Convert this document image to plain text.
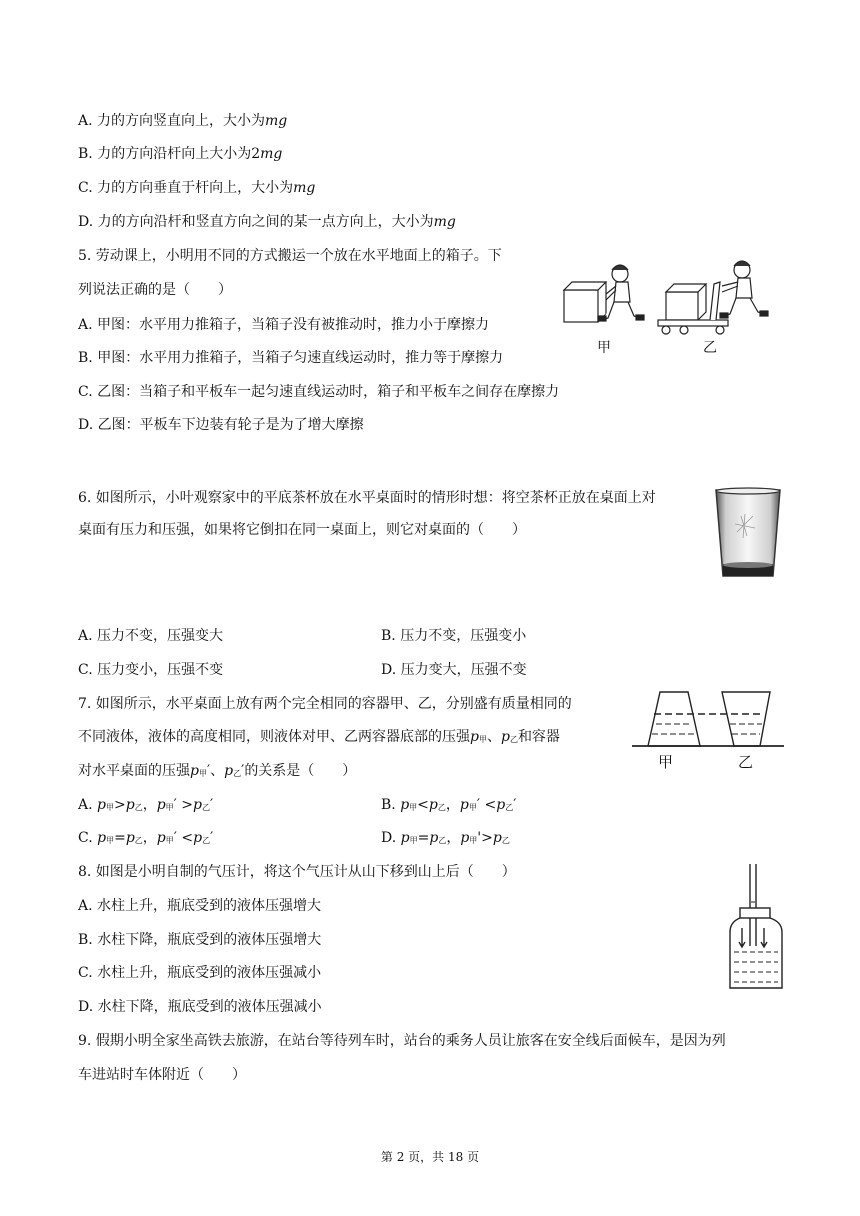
A. 力的方向竖直向上，大小为mg
B. 力的方向沿杆向上大小为2mg
C. 力的方向垂直于杆向上，大小为mg
D. 力的方向沿杆和竖直方向之间的某一点方向上，大小为mg
5. 劳动课上，小明用不同的方式搬运一个放在水平地面上的箱子。下
列说法正确的是（　　）
A. 甲图：水平用力推箱子，当箱子没有被推动时，推力小于摩擦力
B. 甲图：水平用力推箱子，当箱子匀速直线运动时，推力等于摩擦力
C. 乙图：当箱子和平板车一起匀速直线运动时，箱子和平板车之间存在摩擦力
D. 乙图：平板车下边装有轮子是为了增大摩擦
甲	乙
6. 如图所示，小叶观察家中的平底茶杯放在水平桌面时的情形时想：将空茶杯正放在桌面上对
桌面有压力和压强，如果将它倒扣在同一桌面上，则它对桌面的（　　）
A. 压力不变，压强变大	B. 压力不变，压强变小
C. 压力变小，压强不变	D. 压力变大，压强不变
7. 如图所示，水平桌面上放有两个完全相同的容器甲、乙，分别盛有质量相同的
不同液体，液体的高度相同，则液体对甲、乙两容器底部的压强$p_甲$、$p_乙$和容器
对水平桌面的压强$p_甲'$、$p_乙'$的关系是（　　）
A. $p_甲>p_乙$，$p_甲' >p_乙'$	B. $p_甲<p_乙$，$p_甲' <p_乙'$
C. $p_甲=p_乙$，$p_甲' <p_乙'$	D. $p_甲=p_乙$，$p_甲'>p_乙$
甲	乙
8. 如图是小明自制的气压计，将这个气压计从山下移到山上后（　　）
A. 水柱上升，瓶底受到的液体压强增大
B. 水柱下降，瓶底受到的液体压强增大
C. 水柱上升，瓶底受到的液体压强减小
D. 水柱下降，瓶底受到的液体压强减小
9. 假期小明全家坐高铁去旅游，在站台等待列车时，站台的乘务人员让旅客在安全线后面候车，是因为列
车进站时车体附近（　　）
第 2 页，共 18 页
